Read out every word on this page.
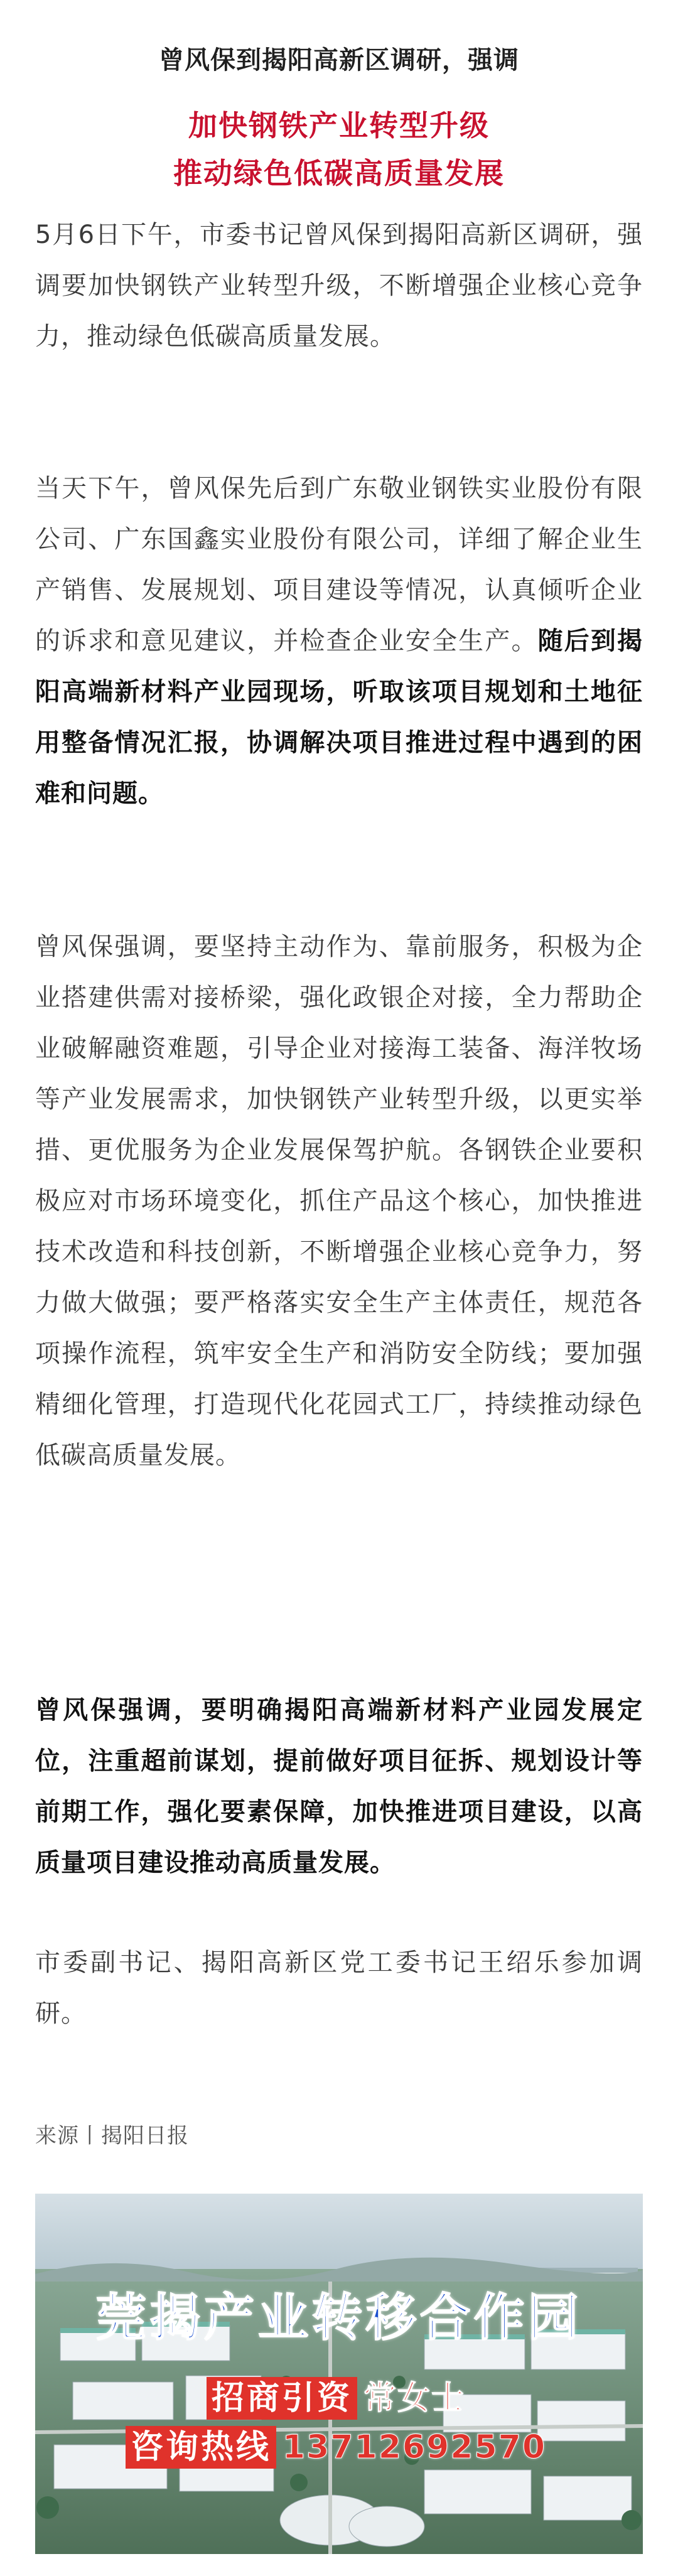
曾风保到揭阳高新区调研，强调
加快钢铁产业转型升级
推动绿色低碳高质量发展

5月6日下午，市委书记曾风保到揭阳高新区调研，强调要加快钢铁产业转型升级，不断增强企业核心竞争力，推动绿色低碳高质量发展。

当天下午，曾风保先后到广东敬业钢铁实业股份有限公司、广东国鑫实业股份有限公司，详细了解企业生产销售、发展规划、项目建设等情况，认真倾听企业的诉求和意见建议，并检查企业安全生产。随后到揭阳高端新材料产业园现场，听取该项目规划和土地征用整备情况汇报，协调解决项目推进过程中遇到的困难和问题。

曾风保强调，要坚持主动作为、靠前服务，积极为企业搭建供需对接桥梁，强化政银企对接，全力帮助企业破解融资难题，引导企业对接海工装备、海洋牧场等产业发展需求，加快钢铁产业转型升级，以更实举措、更优服务为企业发展保驾护航。各钢铁企业要积极应对市场环境变化，抓住产品这个核心，加快推进技术改造和科技创新，不断增强企业核心竞争力，努力做大做强；要严格落实安全生产主体责任，规范各项操作流程，筑牢安全生产和消防安全防线；要加强精细化管理，打造现代化花园式工厂，持续推动绿色低碳高质量发展。

曾风保强调，要明确揭阳高端新材料产业园发展定位，注重超前谋划，提前做好项目征拆、规划设计等前期工作，强化要素保障，加快推进项目建设，以高质量项目建设推动高质量发展。

市委副书记、揭阳高新区党工委书记王绍乐参加调研。

来源丨揭阳日报
莞揭产业转移合作园
招商引资 常女士
咨询热线 13712692570
